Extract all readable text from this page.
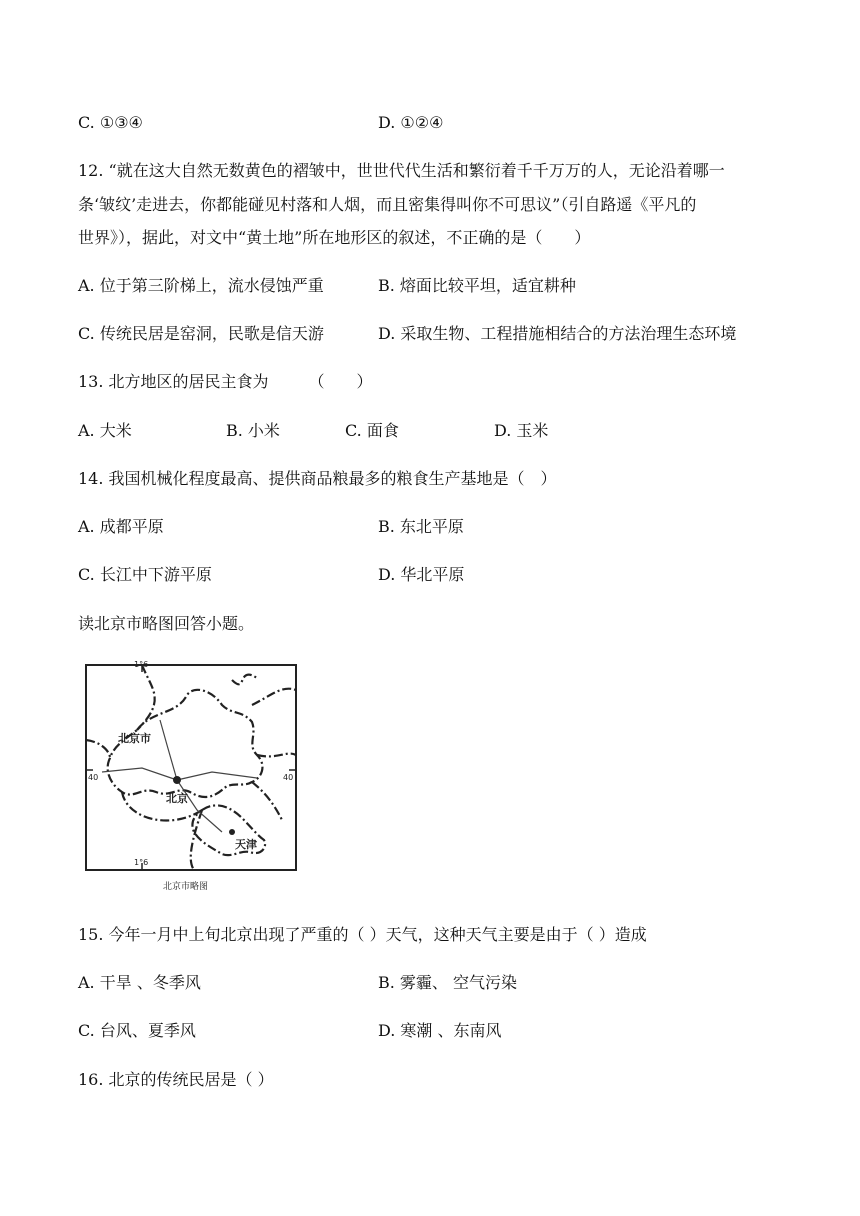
C. ①③④	D. ①②④
12. “就在这大自然无数黄色的褶皱中，世世代代生活和繁衍着千千万万的人，无论沿着哪一
条‘皱纹’走进去，你都能碰见村落和人烟，而且密集得叫你不可思议”（引自路遥《平凡的
世界》），据此，对文中“黄土地”所在地形区的叙述，不正确的是（　　）
A. 位于第三阶梯上，流水侵蚀严重	B. 熔面比较平坦，适宜耕种
C. 传统民居是窑洞，民歌是信天游	D. 采取生物、工程措施相结合的方法治理生态环境
13. 北方地区的居民主食为　　　（　　）
A. 大米	B. 小米	C. 面食	D. 玉米
14. 我国机械化程度最高、提供商品粮最多的粮食生产基地是（　）
A. 成都平原	B. 东北平原
C. 长江中下游平原	D. 华北平原
读北京市略图回答小题。
北京市
北京
天津
1°6
1°6
40	40
北京市略图
15. 今年一月中上旬北京出现了严重的（ ）天气，这种天气主要是由于（ ）造成
A. 干旱 、冬季风	B. 雾霾、 空气污染
C. 台风、夏季风	D. 寒潮 、东南风
16. 北京的传统民居是（ ）
